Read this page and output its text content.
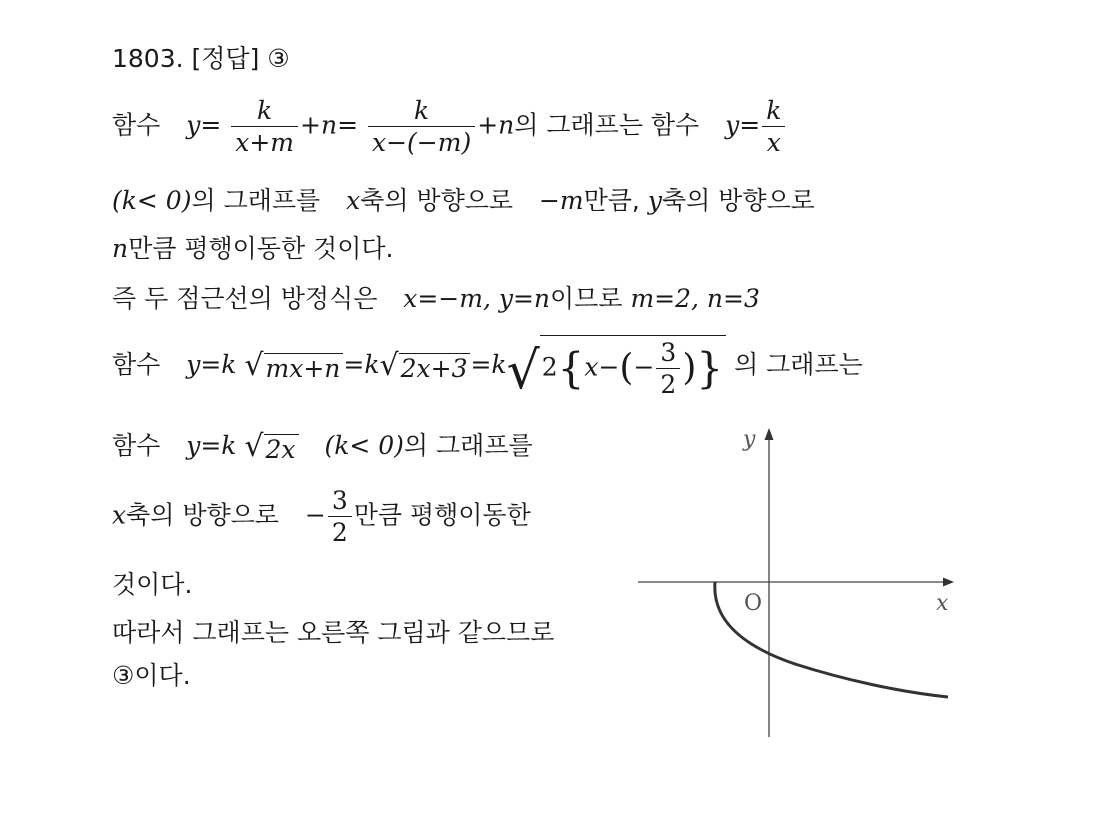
1803. [정답] ③
함수 $y= \frac{k}{x+m} +n= \frac{k}{x-(-m)} +n$의 그래프는 함수 $y= \frac{k}{x}$
(k< 0)의 그래프를 x축의 방향으로 −m만큼, y축의 방향으로
n만큼 평행이동한 것이다.
즉 두 점근선의 방정식은 x=−m, y=n이므로 m=2, n=3
함수 y=k $√mx+n =k√2x+3 =k√2\{x-(- \frac{3}{2}$ )} 의 그래프는
함수 y=k √2x (k< 0)의 그래프를
x축의 방향으로 − $\frac{3}{2}$ 만큼 평행이동한
것이다.
따라서 그래프는 오른쪽 그림과 같으므로
③이다.
y
x
O
